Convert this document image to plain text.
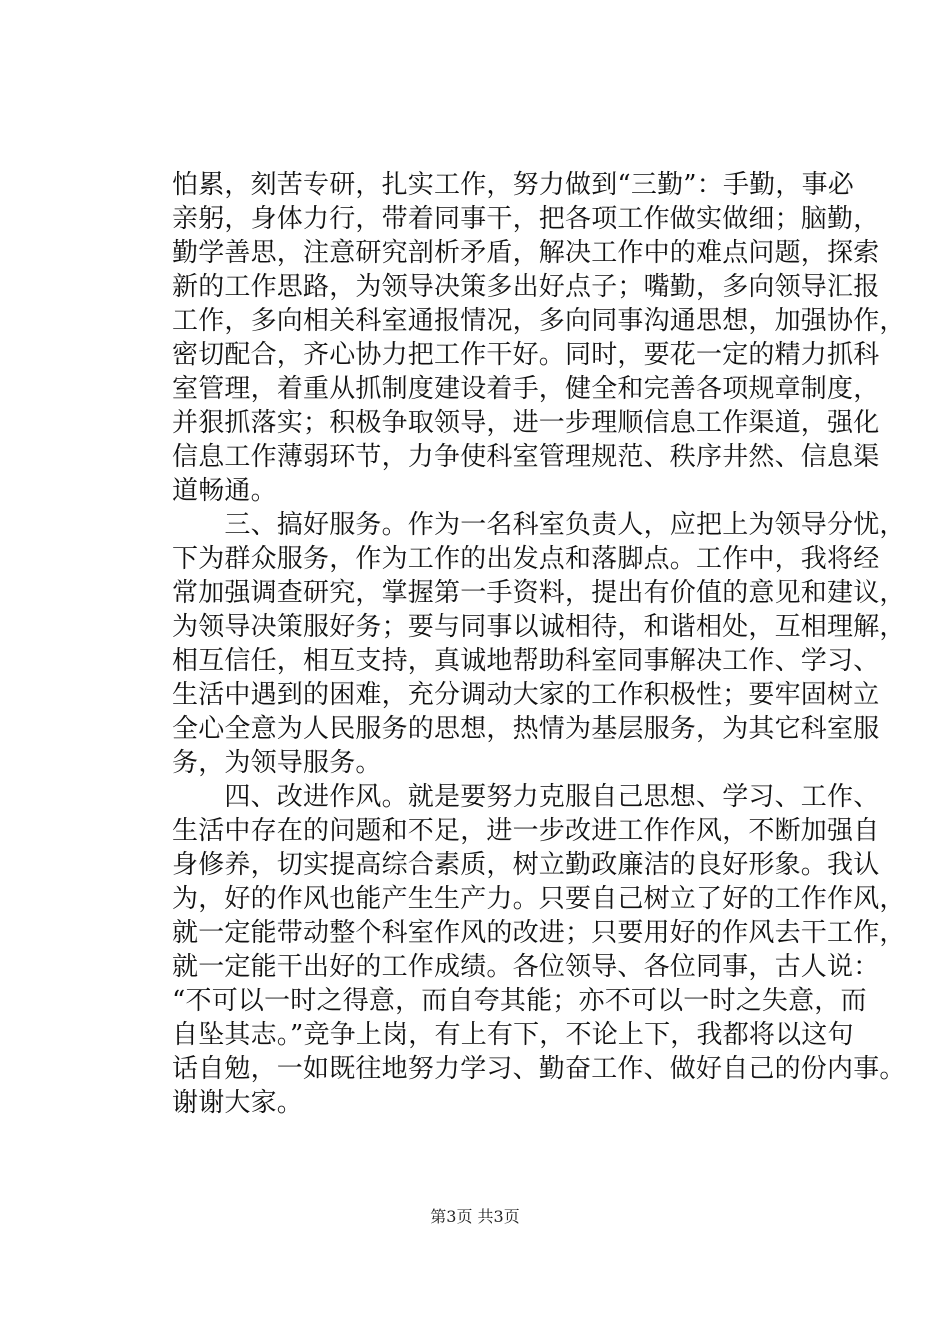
怕累，刻苦专研，扎实工作，努力做到“三勤”：手勤，事必
亲躬，身体力行，带着同事干，把各项工作做实做细；脑勤，
勤学善思，注意研究剖析矛盾，解决工作中的难点问题，探索
新的工作思路，为领导决策多出好点子；嘴勤，多向领导汇报
工作，多向相关科室通报情况，多向同事沟通思想，加强协作，
密切配合，齐心协力把工作干好。同时，要花一定的精力抓科
室管理，着重从抓制度建设着手，健全和完善各项规章制度，
并狠抓落实；积极争取领导，进一步理顺信息工作渠道，强化
信息工作薄弱环节，力争使科室管理规范、秩序井然、信息渠
道畅通。
　　三、搞好服务。作为一名科室负责人，应把上为领导分忧，
下为群众服务，作为工作的出发点和落脚点。工作中，我将经
常加强调查研究，掌握第一手资料，提出有价值的意见和建议，
为领导决策服好务；要与同事以诚相待，和谐相处，互相理解，
相互信任，相互支持，真诚地帮助科室同事解决工作、学习、
生活中遇到的困难，充分调动大家的工作积极性；要牢固树立
全心全意为人民服务的思想，热情为基层服务，为其它科室服
务，为领导服务。
　　四、改进作风。就是要努力克服自己思想、学习、工作、
生活中存在的问题和不足，进一步改进工作作风，不断加强自
身修养，切实提高综合素质，树立勤政廉洁的良好形象。我认
为，好的作风也能产生生产力。只要自己树立了好的工作作风，
就一定能带动整个科室作风的改进；只要用好的作风去干工作，
就一定能干出好的工作成绩。各位领导、各位同事，古人说：
“不可以一时之得意，而自夸其能；亦不可以一时之失意，而
自坠其志。”竞争上岗，有上有下，不论上下，我都将以这句
话自勉，一如既往地努力学习、勤奋工作、做好自己的份内事。
谢谢大家。
第3页 共3页
